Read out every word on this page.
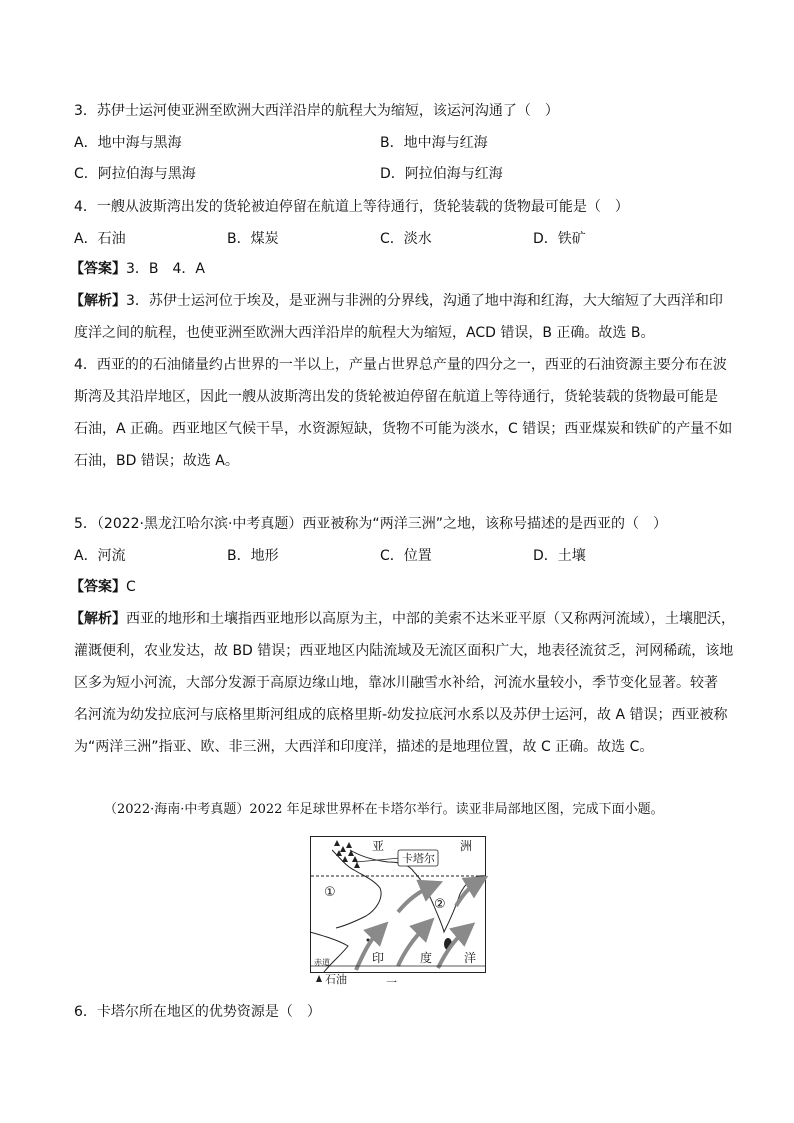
3．苏伊士运河使亚洲至欧洲大西洋沿岸的航程大为缩短，该运河沟通了（　）
A．地中海与黑海	B．地中海与红海
C．阿拉伯海与黑海	D．阿拉伯海与红海
4．一艘从波斯湾出发的货轮被迫停留在航道上等待通行，货轮装载的货物最可能是（　）
A．石油	B．煤炭	C．淡水	D．铁矿
【答案】3．B　4．A
【解析】3．苏伊士运河位于埃及，是亚洲与非洲的分界线，沟通了地中海和红海，大大缩短了大西洋和印
度洋之间的航程，也使亚洲至欧洲大西洋沿岸的航程大为缩短，ACD 错误，B 正确。故选 B。
4．西亚的的石油储量约占世界的一半以上，产量占世界总产量的四分之一，西亚的石油资源主要分布在波
斯湾及其沿岸地区，因此一艘从波斯湾出发的货轮被迫停留在航道上等待通行，货轮装载的货物最可能是
石油，A 正确。西亚地区气候干旱，水资源短缺，货物不可能为淡水，C 错误；西亚煤炭和铁矿的产量不如
石油，BD 错误；故选 A。
5．（2022·黑龙江哈尔滨·中考真题）西亚被称为“两洋三洲”之地，该称号描述的是西亚的（　）
A．河流	B．地形	C．位置	D．土壤
【答案】C
【解析】西亚的地形和土壤指西亚地形以高原为主，中部的美索不达米亚平原（又称两河流域），土壤肥沃，
灌溉便利，农业发达，故 BD 错误；西亚地区内陆流域及无流区面积广大，地表径流贫乏，河网稀疏，该地
区多为短小河流，大部分发源于高原边缘山地，靠冰川融雪水补给，河流水量较小，季节变化显著。较著
名河流为幼发拉底河与底格里斯河组成的底格里斯-幼发拉底河水系以及苏伊士运河，故 A 错误；西亚被称
为“两洋三洲”指亚、欧、非三洲，大西洋和印度洋，描述的是地理位置，故 C 正确。故选 C。
（2022·海南·中考真题）2022 年足球世界杯在卡塔尔举行。读亚非局部地区图，完成下面小题。
卡塔尔
亚	洲
①
②
印	度	洋
赤道
石油	一
6．卡塔尔所在地区的优势资源是（　）
